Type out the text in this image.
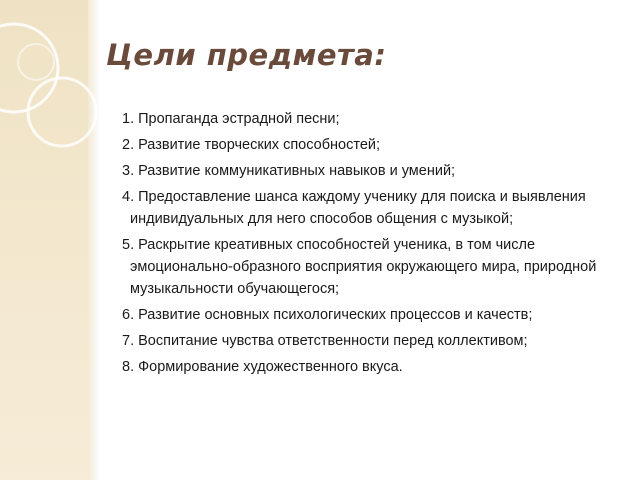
Цели предмета:
1. Пропаганда эстрадной песни;
2. Развитие творческих способностей;
3. Развитие коммуникативных навыков и умений;
4. Предоставление шанса каждому ученику для поиска и выявления индивидуальных для него способов общения с музыкой;
5. Раскрытие креативных способностей ученика, в том числе эмоционально-образного восприятия окружающего мира, природной музыкальности обучающегося;
6. Развитие основных психологических процессов и качеств;
7. Воспитание чувства ответственности перед коллективом;
8. Формирование художественного вкуса.
